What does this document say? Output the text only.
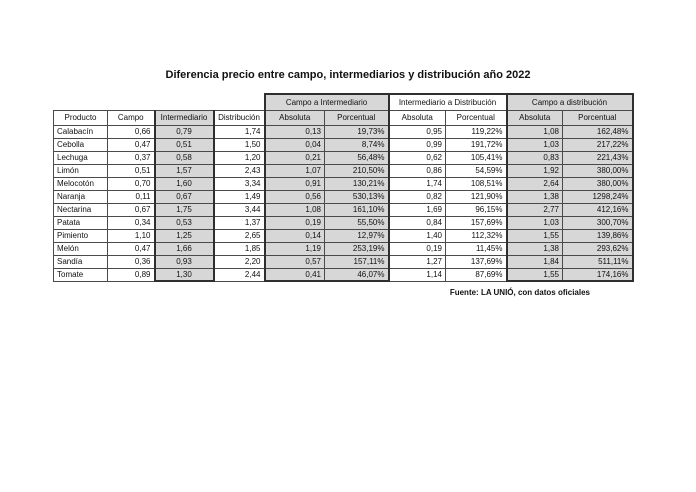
Diferencia precio entre campo, intermediarios y distribución año 2022
				Campo a Intermediario		Intermediario a Distribución		Campo a distribución	
Producto	Campo	Intermediario	Distribución	Absoluta	Porcentual	Absoluta	Porcentual	Absoluta	Porcentual
Calabacín	0,66	0,79	1,74	0,13	19,73%	0,95	119,22%	1,08	162,48%
Cebolla	0,47	0,51	1,50	0,04	8,74%	0,99	191,72%	1,03	217,22%
Lechuga	0,37	0,58	1,20	0,21	56,48%	0,62	105,41%	0,83	221,43%
Limón	0,51	1,57	2,43	1,07	210,50%	0,86	54,59%	1,92	380,00%
Melocotón	0,70	1,60	3,34	0,91	130,21%	1,74	108,51%	2,64	380,00%
Naranja	0,11	0,67	1,49	0,56	530,13%	0,82	121,90%	1,38	1298,24%
Nectarina	0,67	1,75	3,44	1,08	161,10%	1,69	96,15%	2,77	412,16%
Patata	0,34	0,53	1,37	0,19	55,50%	0,84	157,69%	1,03	300,70%
Pimiento	1,10	1,25	2,65	0,14	12,97%	1,40	112,32%	1,55	139,86%
Melón	0,47	1,66	1,85	1,19	253,19%	0,19	11,45%	1,38	293,62%
Sandía	0,36	0,93	2,20	0,57	157,11%	1,27	137,69%	1,84	511,11%
Tomate	0,89	1,30	2,44	0,41	46,07%	1,14	87,69%	1,55	174,16%
Fuente: LA UNIÓ, con datos oficiales
